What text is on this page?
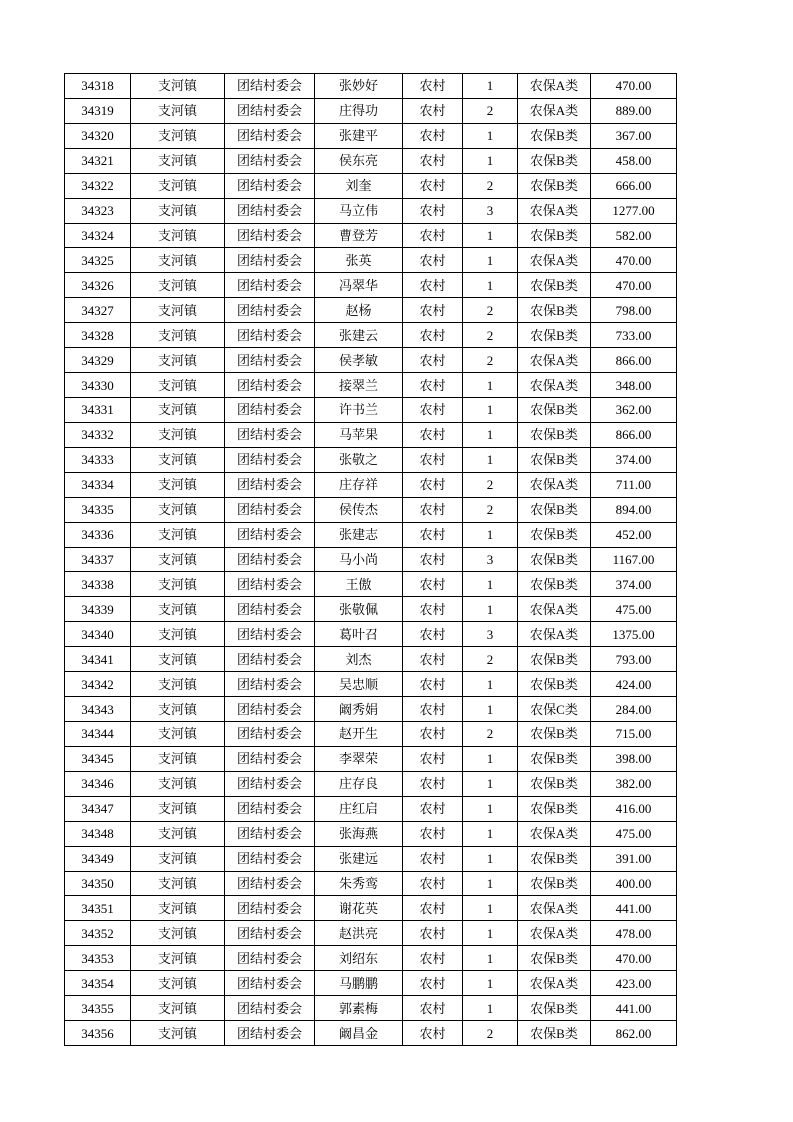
34318	支河镇	团结村委会	张妙好	农村	1	农保A类	470.00
34319	支河镇	团结村委会	庄得功	农村	2	农保A类	889.00
34320	支河镇	团结村委会	张建平	农村	1	农保B类	367.00
34321	支河镇	团结村委会	侯东亮	农村	1	农保B类	458.00
34322	支河镇	团结村委会	刘奎	农村	2	农保B类	666.00
34323	支河镇	团结村委会	马立伟	农村	3	农保A类	1277.00
34324	支河镇	团结村委会	曹登芳	农村	1	农保B类	582.00
34325	支河镇	团结村委会	张英	农村	1	农保A类	470.00
34326	支河镇	团结村委会	冯翠华	农村	1	农保B类	470.00
34327	支河镇	团结村委会	赵杨	农村	2	农保B类	798.00
34328	支河镇	团结村委会	张建云	农村	2	农保B类	733.00
34329	支河镇	团结村委会	侯孝敏	农村	2	农保A类	866.00
34330	支河镇	团结村委会	接翠兰	农村	1	农保A类	348.00
34331	支河镇	团结村委会	许书兰	农村	1	农保B类	362.00
34332	支河镇	团结村委会	马苹果	农村	1	农保B类	866.00
34333	支河镇	团结村委会	张敬之	农村	1	农保B类	374.00
34334	支河镇	团结村委会	庄存祥	农村	2	农保A类	711.00
34335	支河镇	团结村委会	侯传杰	农村	2	农保B类	894.00
34336	支河镇	团结村委会	张建志	农村	1	农保B类	452.00
34337	支河镇	团结村委会	马小尚	农村	3	农保B类	1167.00
34338	支河镇	团结村委会	王傲	农村	1	农保B类	374.00
34339	支河镇	团结村委会	张敬佩	农村	1	农保A类	475.00
34340	支河镇	团结村委会	葛叶召	农村	3	农保A类	1375.00
34341	支河镇	团结村委会	刘杰	农村	2	农保B类	793.00
34342	支河镇	团结村委会	吴忠顺	农村	1	农保B类	424.00
34343	支河镇	团结村委会	阚秀娟	农村	1	农保C类	284.00
34344	支河镇	团结村委会	赵开生	农村	2	农保B类	715.00
34345	支河镇	团结村委会	李翠荣	农村	1	农保B类	398.00
34346	支河镇	团结村委会	庄存良	农村	1	农保B类	382.00
34347	支河镇	团结村委会	庄红启	农村	1	农保B类	416.00
34348	支河镇	团结村委会	张海燕	农村	1	农保A类	475.00
34349	支河镇	团结村委会	张建远	农村	1	农保B类	391.00
34350	支河镇	团结村委会	朱秀鸾	农村	1	农保B类	400.00
34351	支河镇	团结村委会	谢花英	农村	1	农保A类	441.00
34352	支河镇	团结村委会	赵洪亮	农村	1	农保A类	478.00
34353	支河镇	团结村委会	刘绍东	农村	1	农保B类	470.00
34354	支河镇	团结村委会	马鹏鹏	农村	1	农保A类	423.00
34355	支河镇	团结村委会	郭素梅	农村	1	农保B类	441.00
34356	支河镇	团结村委会	阚昌金	农村	2	农保B类	862.00
